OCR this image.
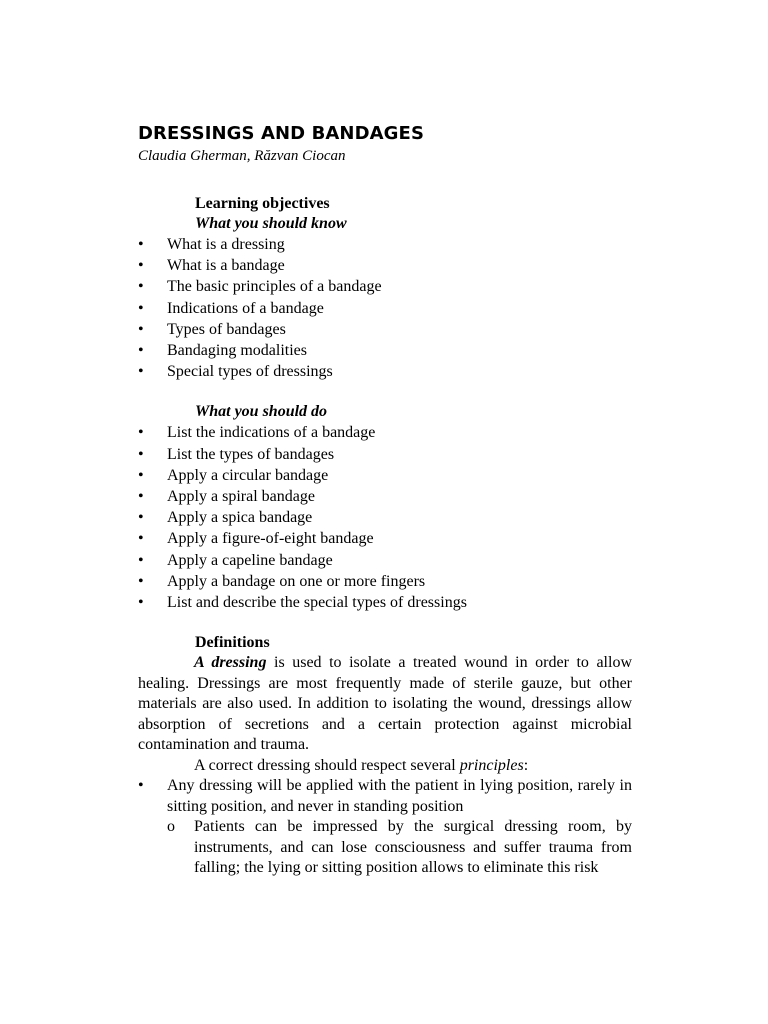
DRESSINGS AND BANDAGES

Claudia Gherman, Răzvan Ciocan

Learning objectives

What you should know

•	What is a dressing
•	What is a bandage
•	The basic principles of a bandage
•	Indications of a bandage
•	Types of bandages
•	Bandaging modalities
•	Special types of dressings

What you should do

•	List the indications of a bandage
•	List the types of bandages
•	Apply a circular bandage
•	Apply a spiral bandage
•	Apply a spica bandage
•	Apply a figure-of-eight bandage
•	Apply a capeline bandage
•	Apply a bandage on one or more fingers
•	List and describe the special types of dressings

Definitions

A dressing is used to isolate a treated wound in order to allow healing. Dressings are most frequently made of sterile gauze, but other materials are also used. In addition to isolating the wound, dressings allow absorption of secretions and a certain protection against microbial contamination and trauma.

A correct dressing should respect several principles:

• Any dressing will be applied with the patient in lying position, rarely in sitting position, and never in standing position
o Patients can be impressed by the surgical dressing room, by instruments, and can lose consciousness and suffer trauma from falling; the lying or sitting position allows to eliminate this risk
